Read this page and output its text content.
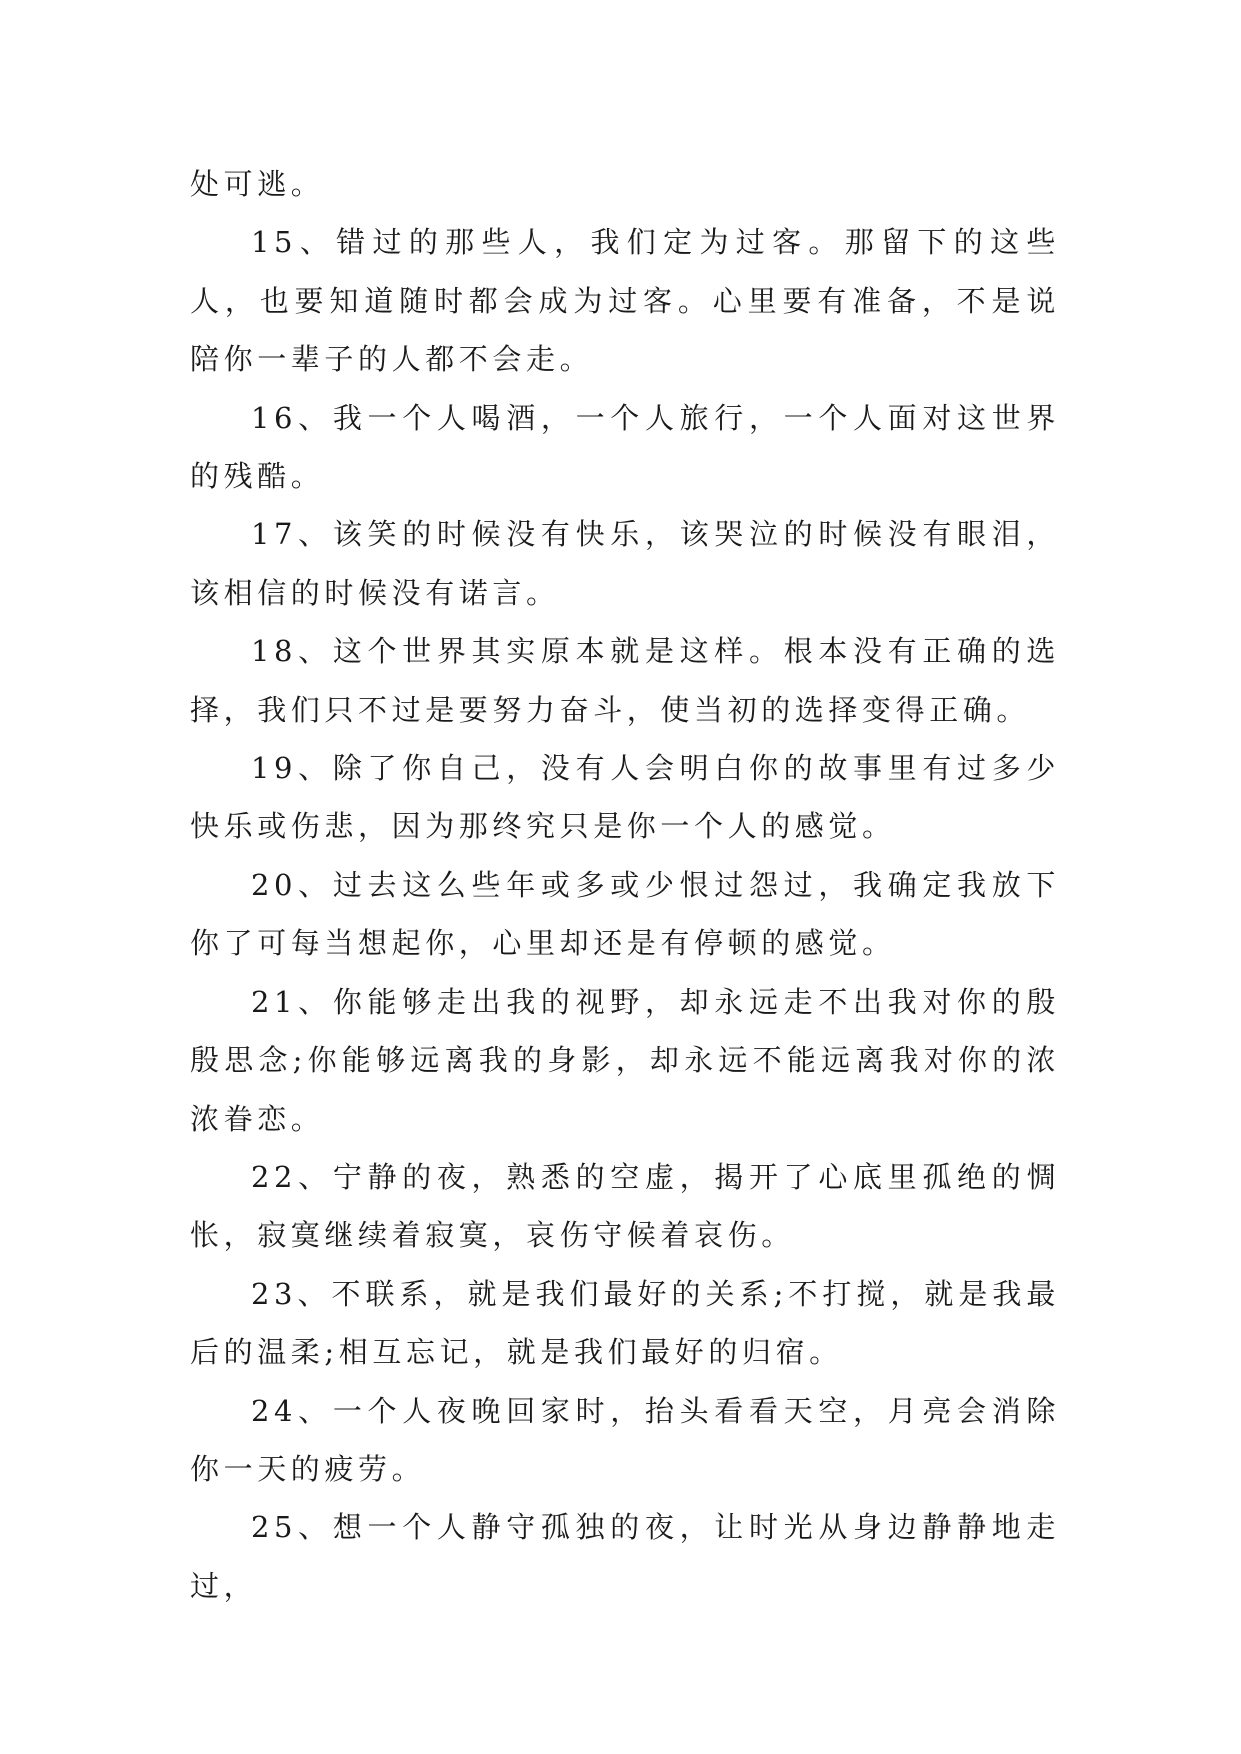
处可逃。

15、错过的那些人，我们定为过客。那留下的这些人，也要知道随时都会成为过客。心里要有准备，不是说陪你一辈子的人都不会走。

16、我一个人喝酒，一个人旅行，一个人面对这世界的残酷。

17、该笑的时候没有快乐，该哭泣的时候没有眼泪，该相信的时候没有诺言。

18、这个世界其实原本就是这样。根本没有正确的选择，我们只不过是要努力奋斗，使当初的选择变得正确。

19、除了你自己，没有人会明白你的故事里有过多少快乐或伤悲，因为那终究只是你一个人的感觉。

20、过去这么些年或多或少恨过怨过，我确定我放下你了可每当想起你，心里却还是有停顿的感觉。

21、你能够走出我的视野，却永远走不出我对你的殷殷思念;你能够远离我的身影，却永远不能远离我对你的浓浓眷恋。

22、宁静的夜，熟悉的空虚，揭开了心底里孤绝的惆怅，寂寞继续着寂寞，哀伤守候着哀伤。

23、不联系，就是我们最好的关系;不打搅，就是我最后的温柔;相互忘记，就是我们最好的归宿。

24、一个人夜晚回家时，抬头看看天空，月亮会消除你一天的疲劳。

25、想一个人静守孤独的夜，让时光从身边静静地走过，
